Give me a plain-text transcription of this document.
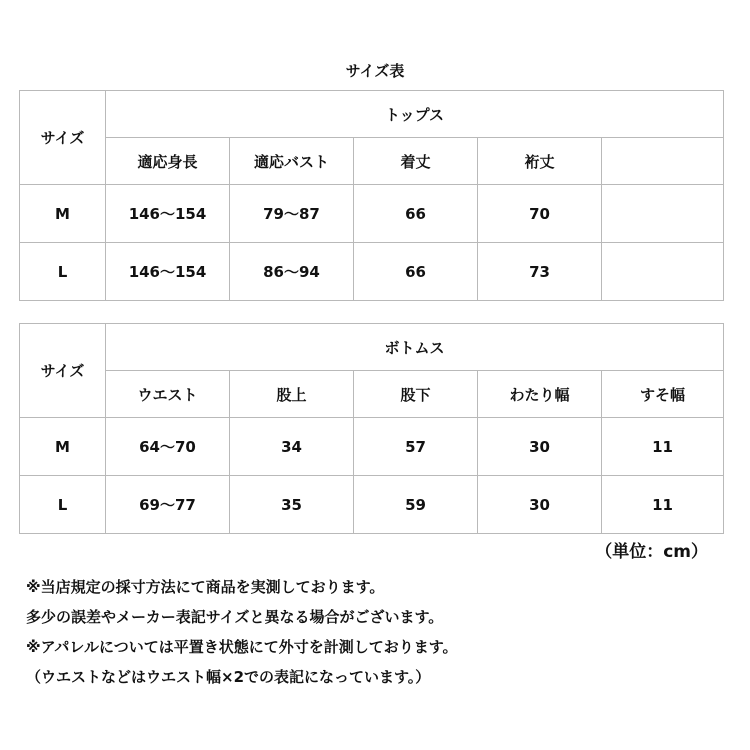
サイズ表
サイズ	トップス				
	適応身長	適応バスト	着丈	裄丈	
M	146～154	79～87	66	70	
L	146～154	86～94	66	73	
サイズ	ボトムス				
	ウエスト	股上	股下	わたり幅	すそ幅
M	64～70	34	57	30	11
L	69～77	35	59	30	11
（単位：cm）
※当店規定の採寸方法にて商品を実測しております。
多少の誤差やメーカー表記サイズと異なる場合がございます。
※アパレルについては平置き状態にて外寸を計測しております。
（ウエストなどはウエスト幅×2での表記になっています。）
